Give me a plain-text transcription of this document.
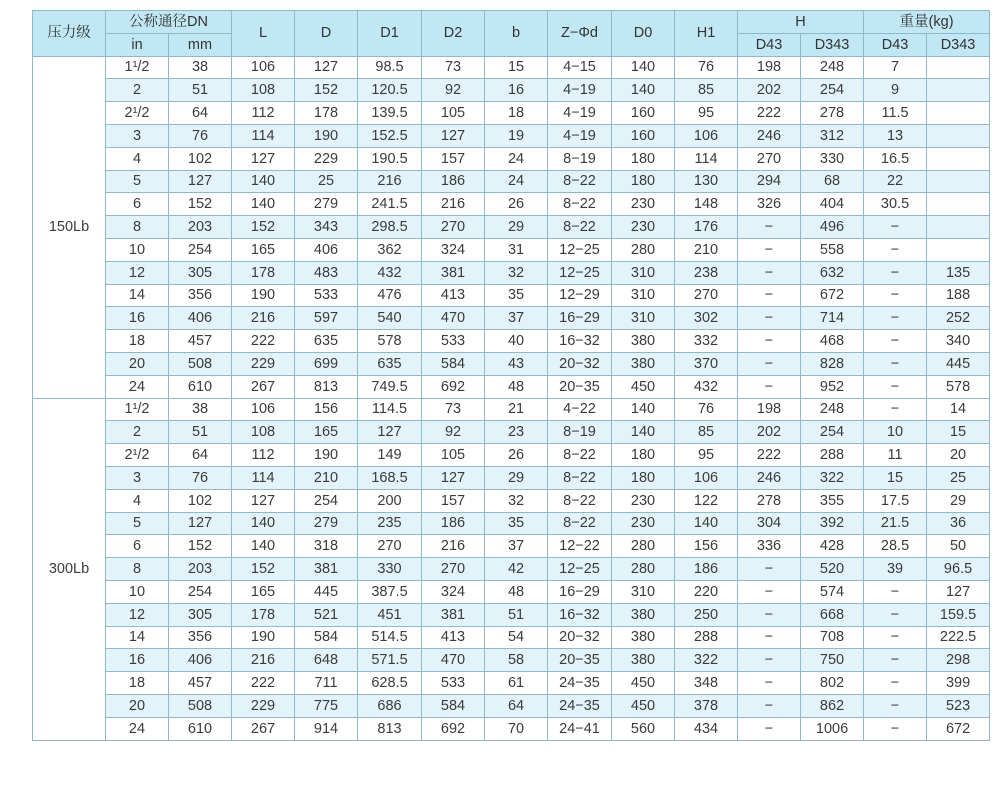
压力级	公称通径DN		L	D	D1	D2	b	Z−Φd	D0	H1	H		重量(kg)	
	in	mm									D43	D343	D43	D343
150Lb	1¹/2	38	106	127	98.5	73	15	4−15	140	76	198	248	7	
	2	51	108	152	120.5	92	16	4−19	140	85	202	254	9	
	2¹/2	64	112	178	139.5	105	18	4−19	160	95	222	278	11.5	
	3	76	114	190	152.5	127	19	4−19	160	106	246	312	13	
	4	102	127	229	190.5	157	24	8−19	180	114	270	330	16.5	
	5	127	140	25	216	186	24	8−22	180	130	294	68	22	
	6	152	140	279	241.5	216	26	8−22	230	148	326	404	30.5	
	8	203	152	343	298.5	270	29	8−22	230	176	−	496	−	
	10	254	165	406	362	324	31	12−25	280	210	−	558	−	
	12	305	178	483	432	381	32	12−25	310	238	−	632	−	135
	14	356	190	533	476	413	35	12−29	310	270	−	672	−	188
	16	406	216	597	540	470	37	16−29	310	302	−	714	−	252
	18	457	222	635	578	533	40	16−32	380	332	−	468	−	340
	20	508	229	699	635	584	43	20−32	380	370	−	828	−	445
	24	610	267	813	749.5	692	48	20−35	450	432	−	952	−	578
300Lb	1¹/2	38	106	156	114.5	73	21	4−22	140	76	198	248	−	14
	2	51	108	165	127	92	23	8−19	140	85	202	254	10	15
	2¹/2	64	112	190	149	105	26	8−22	180	95	222	288	11	20
	3	76	114	210	168.5	127	29	8−22	180	106	246	322	15	25
	4	102	127	254	200	157	32	8−22	230	122	278	355	17.5	29
	5	127	140	279	235	186	35	8−22	230	140	304	392	21.5	36
	6	152	140	318	270	216	37	12−22	280	156	336	428	28.5	50
	8	203	152	381	330	270	42	12−25	280	186	−	520	39	96.5
	10	254	165	445	387.5	324	48	16−29	310	220	−	574	−	127
	12	305	178	521	451	381	51	16−32	380	250	−	668	−	159.5
	14	356	190	584	514.5	413	54	20−32	380	288	−	708	−	222.5
	16	406	216	648	571.5	470	58	20−35	380	322	−	750	−	298
	18	457	222	711	628.5	533	61	24−35	450	348	−	802	−	399
	20	508	229	775	686	584	64	24−35	450	378	−	862	−	523
	24	610	267	914	813	692	70	24−41	560	434	−	1006	−	672
